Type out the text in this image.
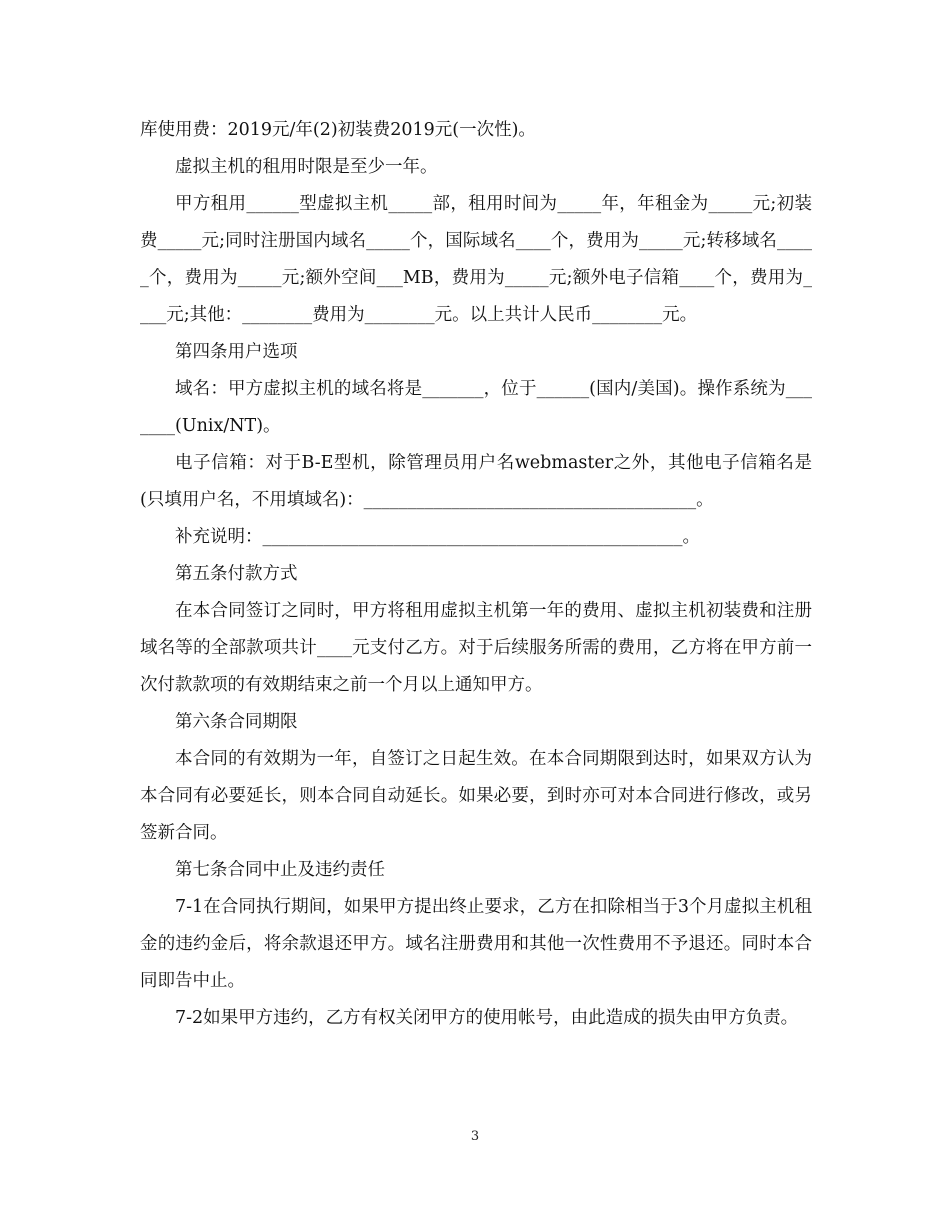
库使用费：2019元/年(2)初装费2019元(一次性)。

虚拟主机的租用时限是至少一年。

甲方租用______型虚拟主机_____部，租用时间为_____年，年租金为_____元;初装费_____元;同时注册国内域名_____个，国际域名____个，费用为_____元;转移域名_____个，费用为_____元;额外空间___MB，费用为_____元;额外电子信箱____个，费用为____元;其他：________费用为________元。以上共计人民币________元。

第四条用户选项

域名：甲方虚拟主机的域名将是_______，位于______(国内/美国)。操作系统为_______(Unix/NT)。

电子信箱：对于B-E型机，除管理员用户名webmaster之外，其他电子信箱名是(只填用户名，不用填域名)：______________________________________。

补充说明：________________________________________________。

第五条付款方式

在本合同签订之同时，甲方将租用虚拟主机第一年的费用、虚拟主机初装费和注册域名等的全部款项共计____元支付乙方。对于后续服务所需的费用，乙方将在甲方前一次付款款项的有效期结束之前一个月以上通知甲方。

第六条合同期限

本合同的有效期为一年，自签订之日起生效。在本合同期限到达时，如果双方认为本合同有必要延长，则本合同自动延长。如果必要，到时亦可对本合同进行修改，或另签新合同。

第七条合同中止及违约责任

7-1在合同执行期间，如果甲方提出终止要求，乙方在扣除相当于3个月虚拟主机租金的违约金后，将余款退还甲方。域名注册费用和其他一次性费用不予退还。同时本合同即告中止。

7-2如果甲方违约，乙方有权关闭甲方的使用帐号，由此造成的损失由甲方负责。

3
